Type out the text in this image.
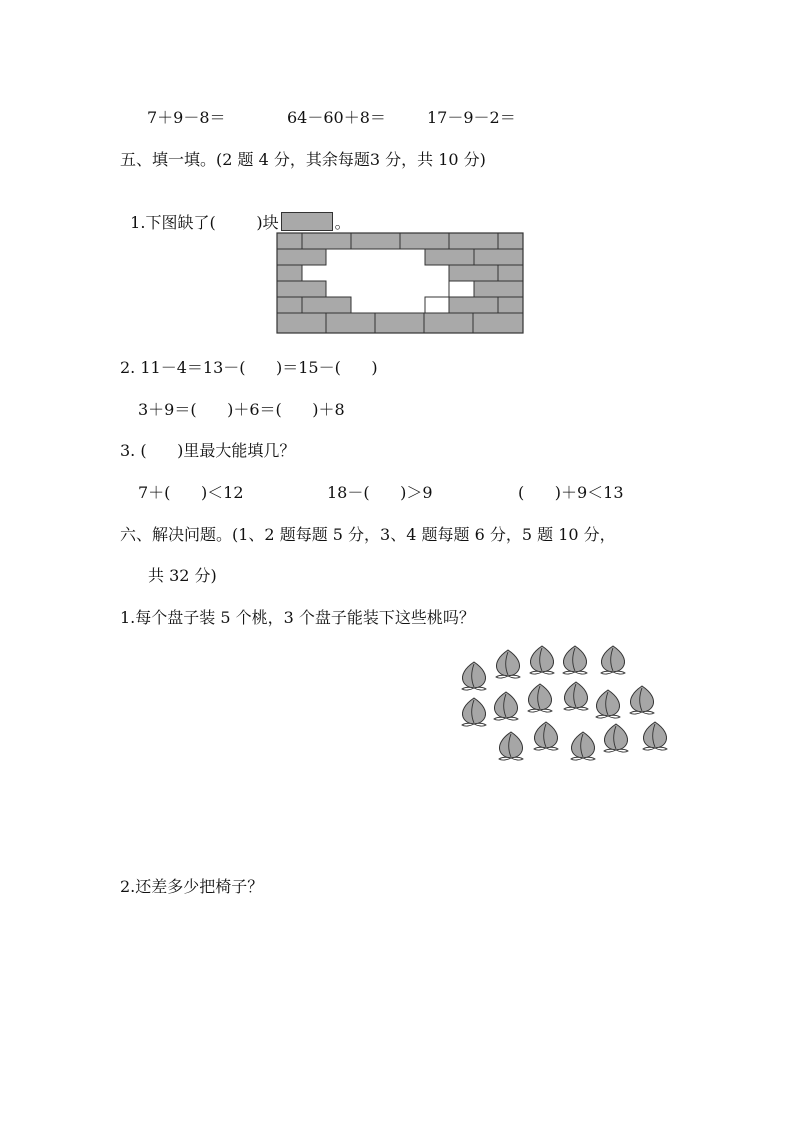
7＋9－8＝

	64－60＋8＝

	17－9－2＝

五、填一填。(2 题 4 分，其余每题3 分，共 10 分)

1.下图缺了(	)块	。

2. 11－4＝13－(      )＝15－(      )
3＋9＝(      )＋6＝(      )＋8
3. (      )里最大能填几？

7＋(      )＜12

	18－(      )＞9

	(      )＋9＜13

六、解决问题。(1、2 题每题 5 分，3、4 题每题 6 分，5 题 10 分，
共 32 分)
1.每个盘子装 5 个桃，3 个盘子能装下这些桃吗？
2.还差多少把椅子？
